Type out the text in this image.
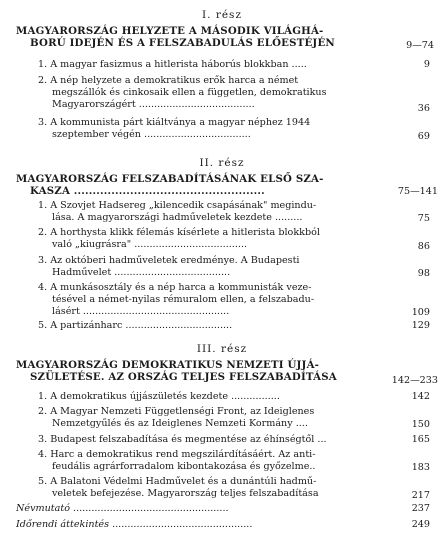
I. rész
MAGYARORSZÁG HELYZETE A MÁSODIK VILÁGHÁ-
BORÚ IDEJÉN ÉS A FELSZABADULÁS ELŐESTÉJÉN	9—74
1. A magyar fasizmus a hitlerista háborús blokkban .....	9
2. A nép helyzete a demokratikus erők harca a német
megszállók és cinkosaik ellen a független, demokratikus
Magyarországért ......................................	36
3. A kommunista párt kiáltványa a magyar néphez 1944
szeptember végén ...................................	69
II. rész
MAGYARORSZÁG FELSZABADÍTÁSÁNAK ELSŐ SZA-
KASZA ...................................................	75—141
1. A Szovjet Hadsereg „kilencedik csapásának" megindu-
lása. A magyarországi hadműveletek kezdete .........	75
2. A horthysta klikk félemás kísérlete a hitlerista blokkból
való „kiugrásra" .....................................	86
3. Az októberi hadműveletek eredménye. A Budapesti
Hadművelet ......................................	98
4. A munkásosztály és a nép harca a kommunisták veze-
tésével a német-nyilas rémuralom ellen, a felszabadu-
lásért ................................................	109
5. A partizánharc ...................................	129
III. rész
MAGYARORSZÁG DEMOKRATIKUS NEMZETI ÚJJÁ-
SZÜLETÉSE. AZ ORSZÁG TELJES FELSZABADÍTÁSA	142—233
1. A demokratikus újjászületés kezdete ................	142
2. A Magyar Nemzeti Függetlenségi Front, az Ideiglenes
Nemzetgyűlés és az Ideiglenes Nemzeti Kormány ....	150
3. Budapest felszabadítása és megmentése az éhínségtől ...	165
4. Harc a demokratikus rend megszilárdításáért. Az anti-
feudális agrárforradalom kibontakozása és győzelme..	183
5. A Balatoni Védelmi Hadművelet és a dunántúli hadmű-
veletek befejezése. Magyarország teljes felszabadítása	217
Névmutató ...................................................	237
Időrendi áttekintés ..............................................	249
